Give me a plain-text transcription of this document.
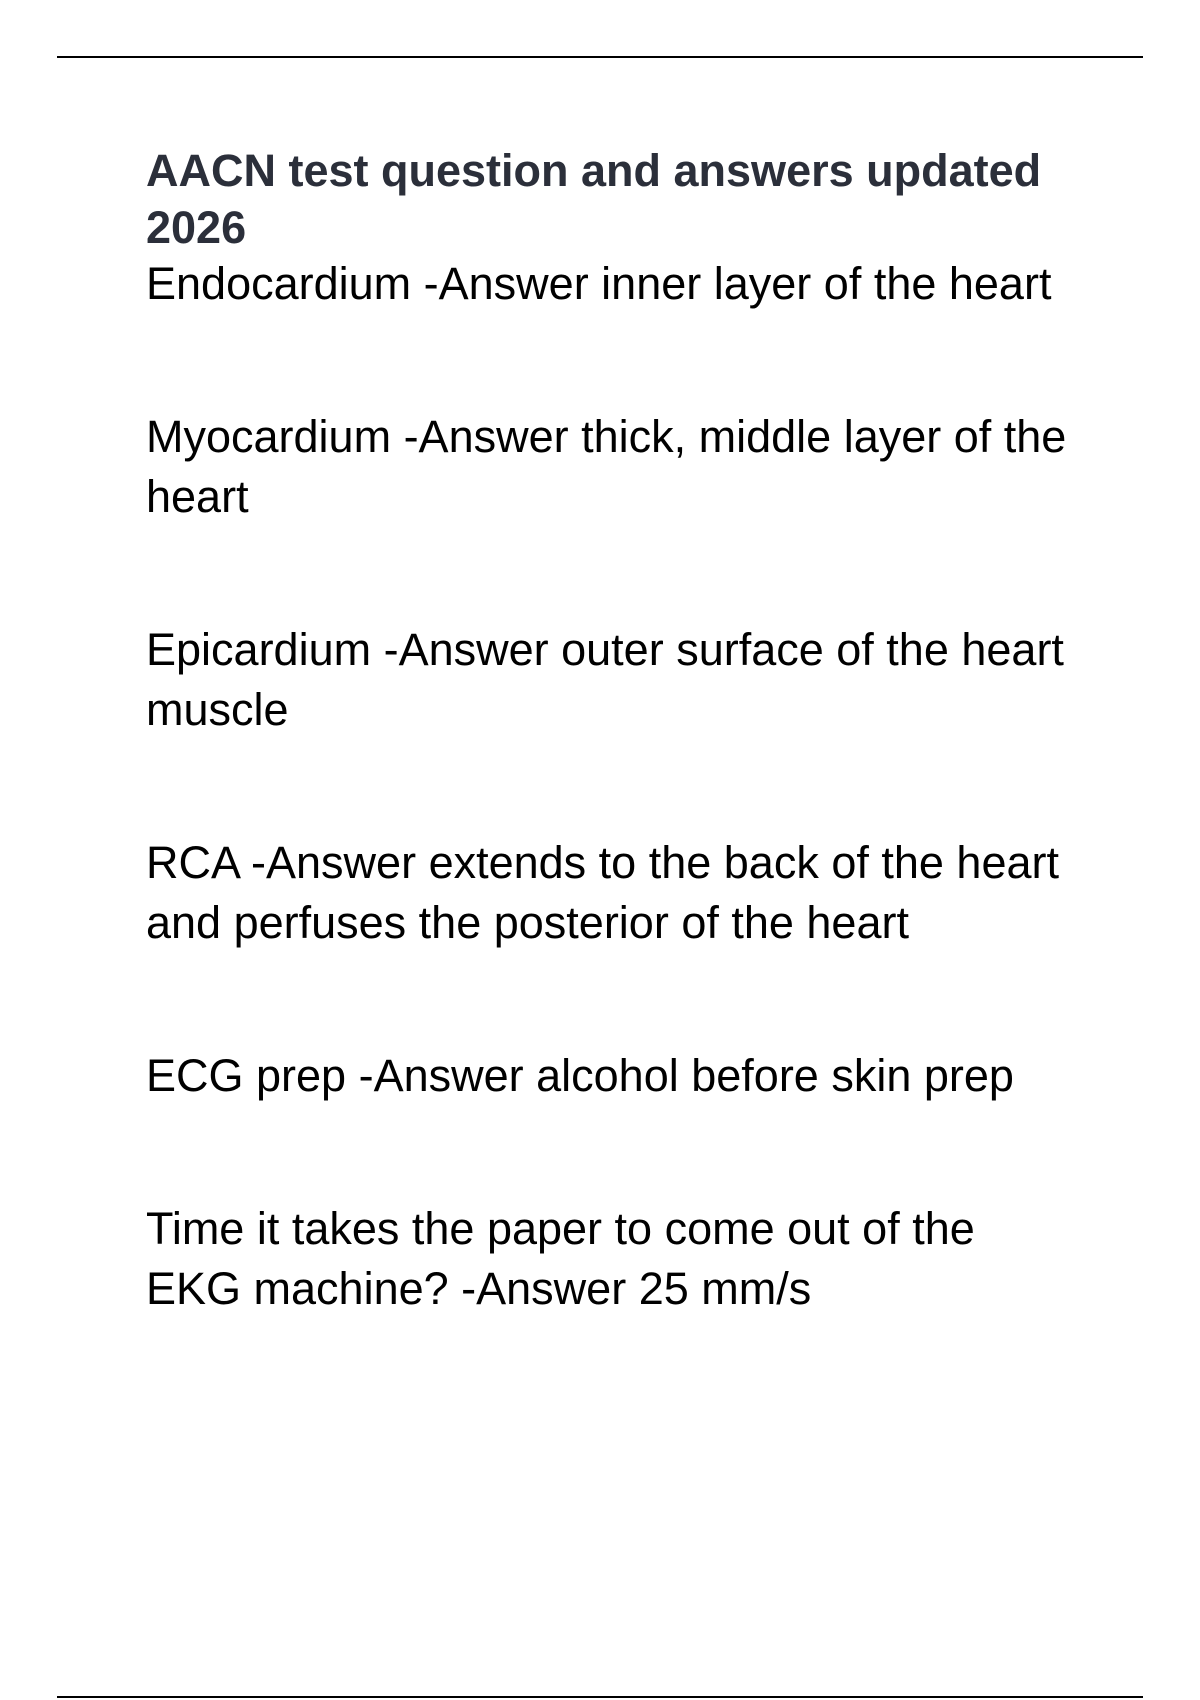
AACN test question and answers updated 2026
Endocardium -Answer inner layer of the heart
Myocardium -Answer thick, middle layer of the heart
Epicardium -Answer outer surface of the heart muscle
RCA -Answer extends to the back of the heart and perfuses the posterior of the heart
ECG prep -Answer alcohol before skin prep
Time it takes the paper to come out of the EKG machine? -Answer 25 mm/s
